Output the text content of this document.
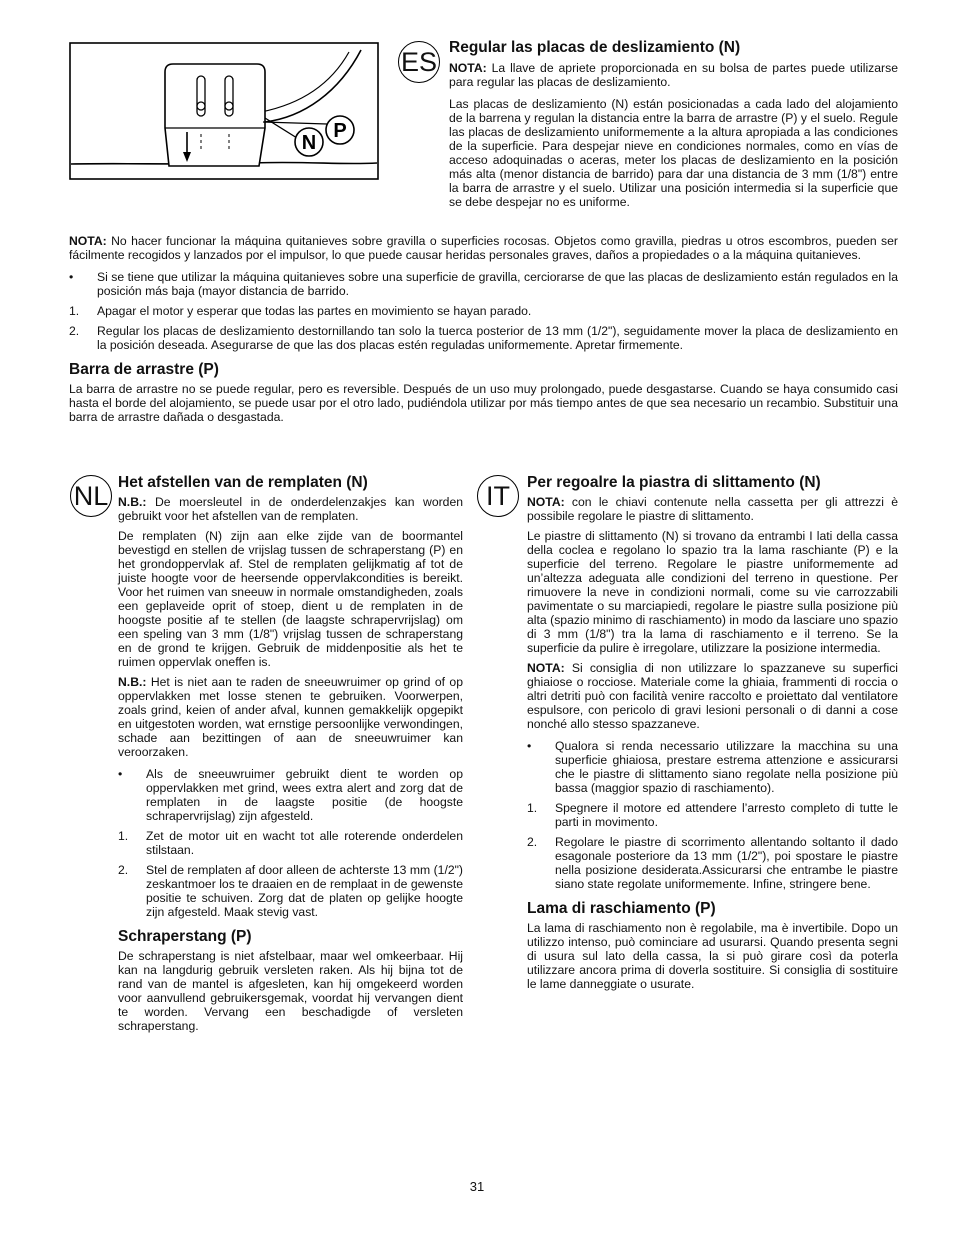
N
P
ES Regular las placas de deslizamiento (N)

NOTA: La llave de apriete proporcionada en su bolsa de partes puede utilizarse para regular las placas de deslizamiento.

Las placas de deslizamiento (N) están posicionadas a cada lado del alojamiento de la barrena y regulan la distancia entre la barra de arrastre (P) y el suelo. Regule las placas de deslizamiento uniformemente a la altura apropiada a las condiciones de la superficie. Para despejar nieve en condiciones normales, como en vías de acceso adoquinadas o aceras, meter los placas de deslizamiento en la posición más alta (menor distancia de barrido) para dar una distancia de 3 mm (1/8") entre la barra de arrastre y el suelo. Utilizar una posición intermedia si la superficie que se debe despejar no es uniforme.

NOTA: No hacer funcionar la máquina quitanieves sobre gravilla o superficies rocosas. Objetos como gravilla, piedras u otros escombros, pueden ser fácilmente recogidos y lanzados por el impulsor, lo que puede causar heridas personales graves, daños a propiedades o a la máquina quitanieves.

• Si se tiene que utilizar la máquina quitanieves sobre una superficie de gravilla, cerciorarse de que las placas de deslizamiento están regulados en la posición más baja (mayor distancia de barrido.
1. Apagar el motor y esperar que todas las partes en movimiento se hayan parado.
2. Regular los placas de deslizamiento destornillando tan solo la tuerca posterior de 13 mm (1/2"), seguidamente mover la placa de deslizamiento en la posición deseada. Asegurarse de que las dos placas estén reguladas uniformemente. Apretar firmemente.
Barra de arrastre (P)

La barra de arrastre no se puede regular, pero es reversible. Después de un uso muy prolongado, puede desgastarse. Cuando se haya consumido casi hasta el borde del alojamiento, se puede usar por el otro lado, pudiéndola utilizar por más tiempo antes de que sea necesario un recambio. Substituir una barra de arrastre dañada o desgastada.

NL Het afstellen van de remplaten (N)

N.B.: De moersleutel in de onderdelenzakjes kan worden gebruikt voor het afstellen van de remplaten.

De remplaten (N) zijn aan elke zijde van de boormantel bevestigd en stellen de vrijslag tussen de schraperstang (P) en het grondoppervlak af. Stel de remplaten gelijkmatig af tot de juiste hoogte voor de heersende oppervlakcondities is bereikt. Voor het ruimen van sneeuw in normale omstandigheden, zoals een geplaveide oprit of stoep, dient u de remplaten in de hoogste positie af te stellen (de laagste schrapervrijslag) om een speling van 3 mm (1/8") vrijslag tussen de schraperstang en de grond te krijgen. Gebruik de middenpositie als het te ruimen oppervlak oneffen is.

N.B.: Het is niet aan te raden de sneeuwruimer op grind of op oppervlakken met losse stenen te gebruiken. Voorwerpen, zoals grind, keien of ander afval, kunnen gemakkelijk opgepikt en uitgestoten worden, wat ernstige persoonlijke verwondingen, schade aan bezittingen of aan de sneeuwruimer kan veroorzaken.

• Als de sneeuwruimer gebruikt dient te worden op oppervlakken met grind, wees extra alert and zorg dat de remplaten in de laagste positie (de hoogste schrapervrijslag) zijn afgesteld.
1. Zet de motor uit en wacht tot alle roterende onderdelen stilstaan.
2. Stel de remplaten af door alleen de achterste 13 mm (1/2") zeskantmoer los te draaien en de remplaat in de gewenste positie te schuiven. Zorg dat de platen op gelijke hoogte zijn afgesteld. Maak stevig vast.
Schraperstang (P)

De schraperstang is niet afstelbaar, maar wel omkeerbaar. Hij kan na langdurig gebruik versleten raken. Als hij bijna tot de rand van de mantel is afgesleten, kan hij omgekeerd worden voor aanvullend gebruikersgemak, voordat hij vervangen dient te worden. Vervang een beschadigde of versleten schraperstang.

IT	Per regoalre la piastra di slittamento (N)

NOTA: con le chiavi contenute nella cassetta per gli attrezzi è possibile regolare le piastre di slittamento.

Le piastre di slittamento (N) si trovano da entrambi I lati della cassa della coclea e regolano lo spazio tra la lama raschiante (P) e la superficie del terreno. Regolare le piastre uniformemente ad un’altezza adeguata alle condizioni del terreno in questione. Per rimuovere la neve in condizioni normali, come su vie carrozzabili pavimentate o su marciapiedi, regolare le piastre sulla posizione più alta (spazio minimo di raschiamento) in modo da lasciare uno spazio di 3 mm (1/8") tra la lama di raschiamento e il terreno. Se la superficie da pulire è irregolare, utilizzare la posizione intermedia.

NOTA: Si consiglia di non utilizzare lo spazzaneve su superfici ghiaiose o rocciose. Materiale come la ghiaia, frammenti di roccia o altri detriti può con facilità venire raccolto e proiettato dal ventilatore espulsore, con pericolo di gravi lesioni personali o di danni a cose nonché allo stesso spazzaneve.

• Qualora si renda necessario utilizzare la macchina su una superficie ghiaiosa, prestare estrema attenzione e assicurarsi che le piastre di slittamento siano regolate nella posizione più bassa (maggior spazio di raschiamento).
1. Spegnere il motore ed attendere l’arresto completo di tutte le parti in movimento.
2. Regolare le piastre di scorrimento allentando soltanto il dado esagonale posteriore da 13 mm (1/2"), poi spostare le piastre nella posizione desiderata.Assicurarsi che entrambe le piastre siano state regolate uniformemente. Infine, stringere bene.
Lama di raschiamento (P)

La lama di raschiamento non è regolabile, ma è invertibile. Dopo un utilizzo intenso, può cominciare ad usurarsi. Quando presenta segni di usura sul lato della cassa, la si può girare così da poterla utilizzare ancora prima di doverla sostituire. Si consiglia di sostituire le lame danneggiate o usurate.

31
